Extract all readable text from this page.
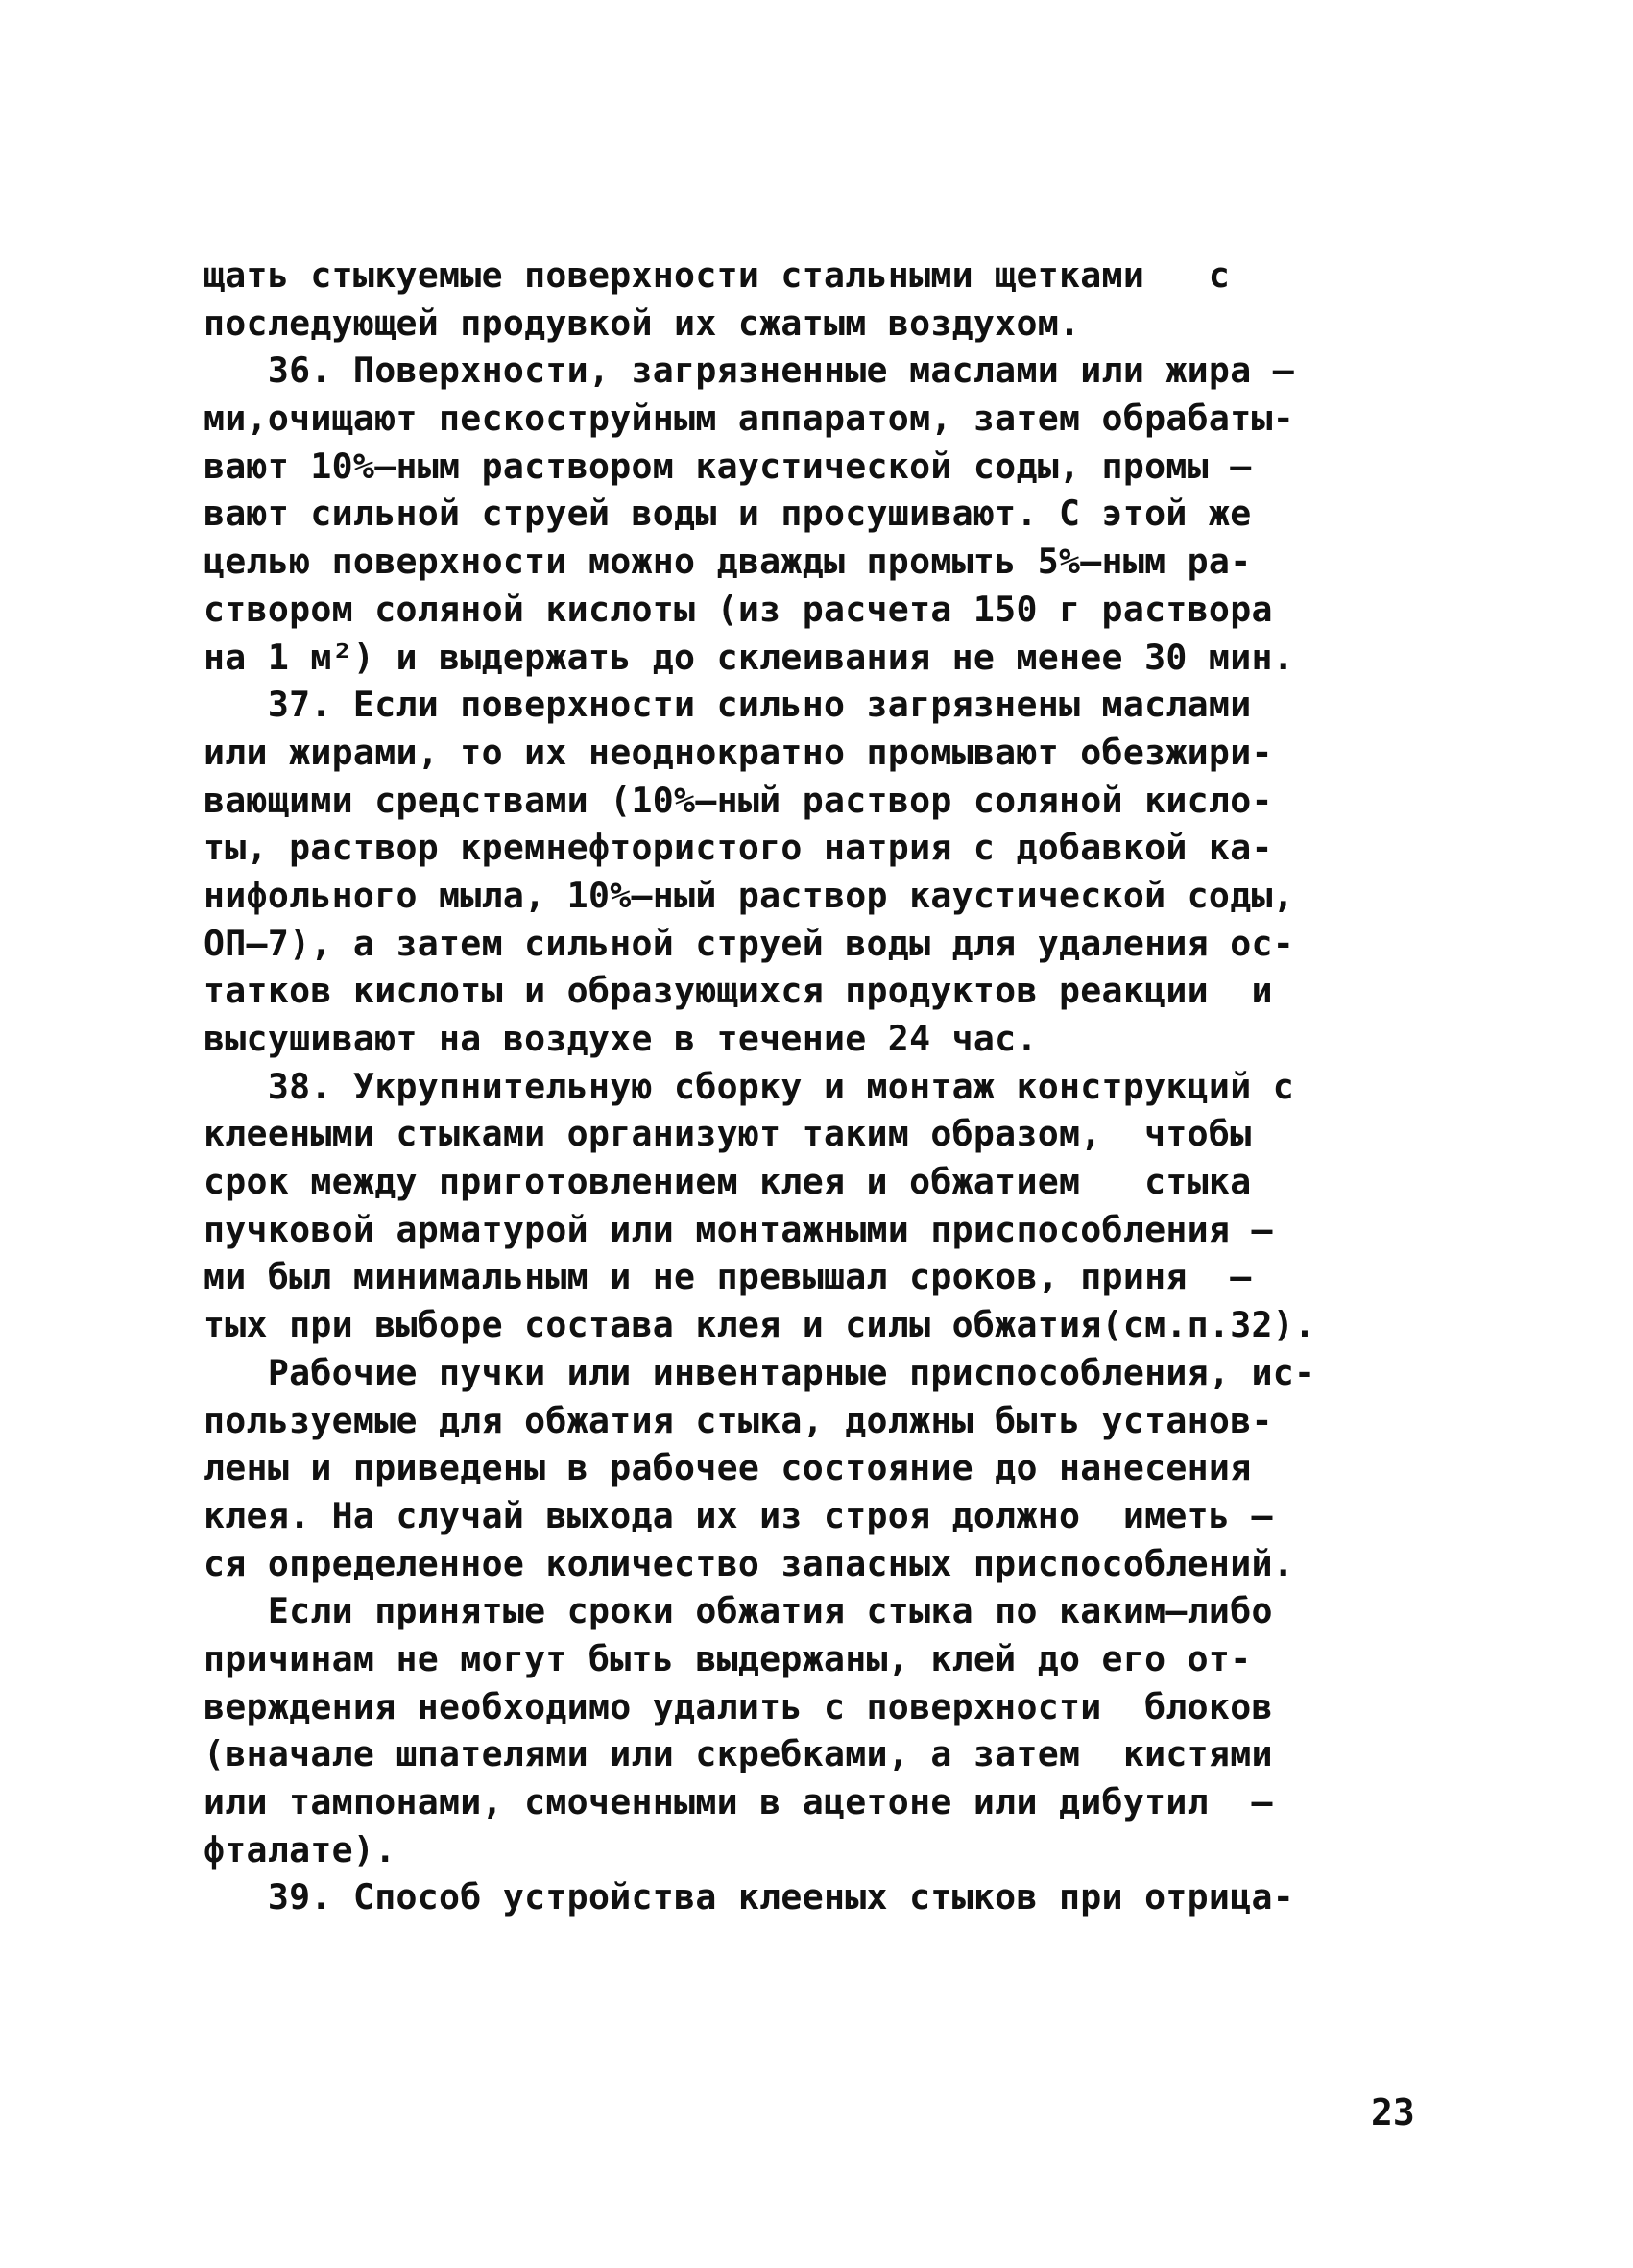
щать стыкуемые поверхности стальными щетками   с
последующей продувкой их сжатым воздухом.
36. Поверхности, загрязненные маслами или жира –
ми,очищают пескоструйным аппаратом, затем обрабаты-
вают 10%–ным раствором каустической соды, промы –
вают сильной струей воды и просушивают. С этой же
целью поверхности можно дважды промыть 5%–ным ра-
створом соляной кислоты (из расчета 150 г раствора
на 1 м²) и выдержать до склеивания не менее 30 мин.
37. Если поверхности сильно загрязнены маслами
или жирами, то их неоднократно промывают обезжири-
вающими средствами (10%–ный раствор соляной кисло-
ты, раствор кремнефтористого натрия с добавкой ка-
нифольного мыла, 10%–ный раствор каустической соды,
ОП–7), а затем сильной струей воды для удаления ос-
татков кислоты и образующихся продуктов реакции  и
высушивают на воздухе в течение 24 час.
38. Укрупнительную сборку и монтаж конструкций с
клееными стыками организуют таким образом,  чтобы
срок между приготовлением клея и обжатием   стыка
пучковой арматурой или монтажными приспособления –
ми был минимальным и не превышал сроков, приня  –
тых при выборе состава клея и силы обжатия(см.п.32).
Рабочие пучки или инвентарные приспособления, ис-
пользуемые для обжатия стыка, должны быть установ-
лены и приведены в рабочее состояние до нанесения
клея. На случай выхода их из строя должно  иметь –
ся определенное количество запасных приспособлений.
Если принятые сроки обжатия стыка по каким–либо
причинам не могут быть выдержаны, клей до его от-
верждения необходимо удалить с поверхности  блоков
(вначале шпателями или скребками, а затем  кистями
или тампонами, смоченными в ацетоне или дибутил  –
фталате).
39. Способ устройства клееных стыков при отрица-
23
